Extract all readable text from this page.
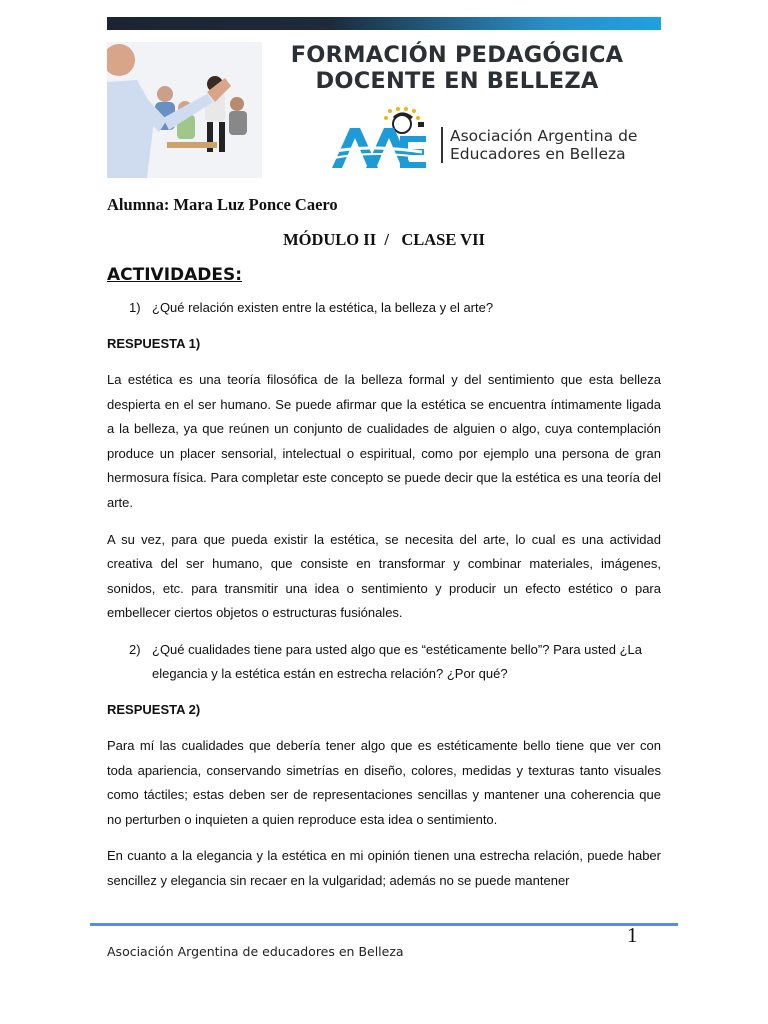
FORMACIÓN PEDAGÓGICA
DOCENTE EN BELLEZA
Asociación Argentina de
Educadores en Belleza

Alumna: Mara Luz Ponce Caero

MÓDULO II  /   CLASE VII

ACTIVIDADES:

1) ¿Qué relación existen entre la estética, la belleza y el arte?

RESPUESTA 1)

La estética es una teoría filosófica de la belleza formal y del sentimiento que esta belleza despierta en el ser humano. Se puede afirmar que la estética se encuentra íntimamente ligada a la belleza, ya que reúnen un conjunto de cualidades de alguien o algo, cuya contemplación produce un placer sensorial, intelectual o espiritual, como por ejemplo una persona de gran hermosura física. Para completar este concepto se puede decir que la estética es una teoría del arte.

A su vez, para que pueda existir la estética, se necesita del arte, lo cual es una actividad creativa del ser humano, que consiste en transformar y combinar materiales, imágenes, sonidos, etc. para transmitir una idea o sentimiento y producir un efecto estético o para embellecer ciertos objetos o estructuras fusiónales.

2) ¿Qué cualidades tiene para usted algo que es “estéticamente bello”? Para usted ¿La elegancia y la estética están en estrecha relación? ¿Por qué?

RESPUESTA 2)

Para mí las cualidades que debería tener algo que es estéticamente bello tiene que ver con toda apariencia, conservando simetrías en diseño, colores, medidas y texturas tanto visuales como táctiles; estas deben ser de representaciones sencillas y mantener una coherencia que no perturben o inquieten a quien reproduce esta idea o sentimiento.

En cuanto a la elegancia y la estética en mi opinión tienen una estrecha relación, puede haber sencillez y elegancia sin recaer en la vulgaridad; además no se puede mantener

1
Asociación Argentina de educadores en Belleza
